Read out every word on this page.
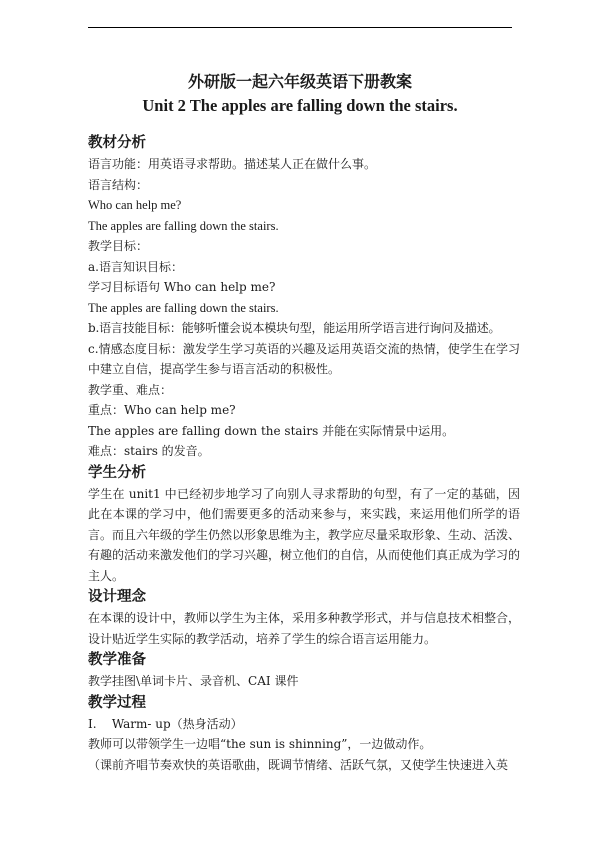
外研版一起六年级英语下册教案
Unit 2 The apples are falling down the stairs.

教材分析

语言功能：用英语寻求帮助。描述某人正在做什么事。

语言结构：

Who can help me?

The apples are falling down the stairs.

教学目标：

a.语言知识目标：

学习目标语句 Who can help me?

The apples are falling down the stairs.

b.语言技能目标：能够听懂会说本模块句型，能运用所学语言进行询问及描述。

c.情感态度目标：激发学生学习英语的兴趣及运用英语交流的热情，使学生在学习中建立自信，提高学生参与语言活动的积极性。

教学重、难点：

重点：Who can help me?

The apples are falling down the stairs 并能在实际情景中运用。

难点：stairs 的发音。

学生分析

学生在 unit1 中已经初步地学习了向别人寻求帮助的句型，有了一定的基础，因此在本课的学习中，他们需要更多的活动来参与，来实践，来运用他们所学的语言。而且六年级的学生仍然以形象思维为主，教学应尽量采取形象、生动、活泼、有趣的活动来激发他们的学习兴趣，树立他们的自信，从而使他们真正成为学习的主人。

设计理念

在本课的设计中，教师以学生为主体，采用多种教学形式，并与信息技术相整合，设计贴近学生实际的教学活动，培养了学生的综合语言运用能力。

教学准备

教学挂图\单词卡片、录音机、CAI 课件

教学过程

Ⅰ.    Warm- up（热身活动）

教师可以带领学生一边唱“the sun is shinning”，一边做动作。

（课前齐唱节奏欢快的英语歌曲，既调节情绪、活跃气氛，又使学生快速进入英
